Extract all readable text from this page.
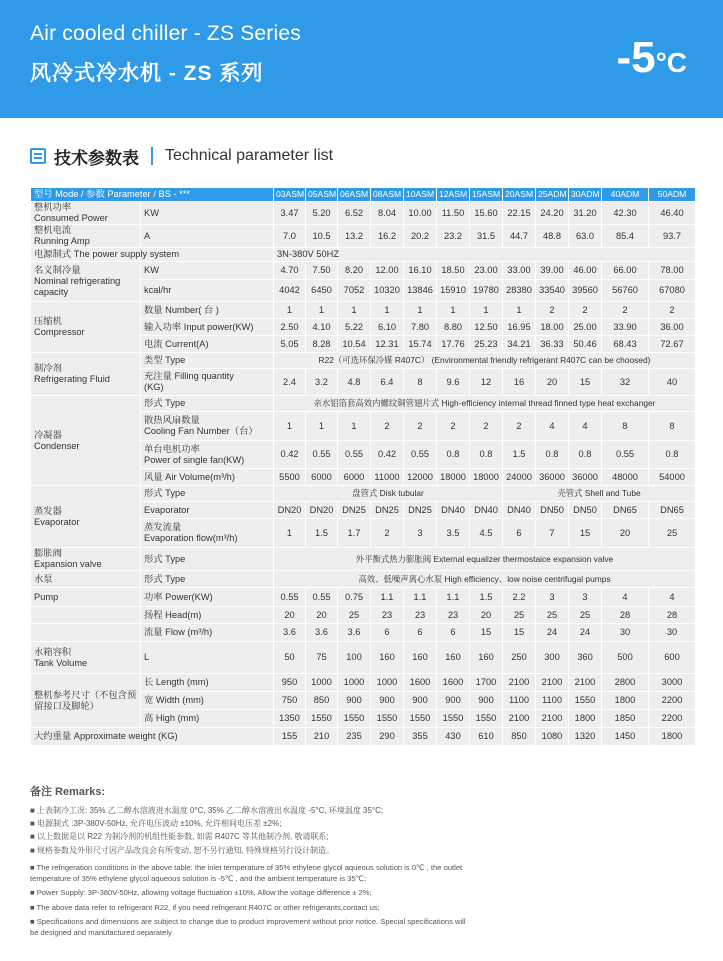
Air cooled chiller - ZS Series
风冷式冷水机 - ZS 系列	-5°C
技术参数表 Technical parameter list
型号 Mode / 参数 Parameter / BS - ***		03ASM	05ASM	06ASM	08ASM	10ASM	12ASM	15ASM	20ASM	25ADM	30ADM	40ADM	50ADM
整机功率
Consumed Power	KW	3.47	5.20	6.52	8.04	10.00	11.50	15.60	22.15	24.20	31.20	42.30	46.40
整机电流
Running Amp	A	7.0	10.5	13.2	16.2	20.2	23.2	31.5	44.7	48.8	63.0	85.4	93.7
电源制式 The power supply system		3N-380V 50HZ											
名义制冷量
Nominal refrigerating
capacity	KW	4.70	7.50	8.20	12.00	16.10	18.50	23.00	33.00	39.00	46.00	66.00	78.00
	kcal/hr	4042	6450	7052	10320	13846	15910	19780	28380	33540	39560	56760	67080
压缩机
Compressor	数量 Number( 台 )	1	1	1	1	1	1	1	1	2	2	2	2
	输入功率 Input power(KW)	2.50	4.10	5.22	6.10	7.80	8.80	12.50	16.95	18.00	25.00	33.90	36.00
	电流 Current(A)	5.05	8.28	10.54	12.31	15.74	17.76	25.23	34.21	36.33	50.46	68.43	72.67
制冷剂
Refrigerating Fluid	类型 Type	R22（可选环保冷媒 R407C） (Environmental friendly refrigerant R407C can be choosed)											
	充注量 Filling quantity
(KG)	2.4	3.2	4.8	6.4	8	9.6	12	16	20	15	32	40
冷凝器
Condenser	形式 Type	亲水铝箔套高效内螺纹铜管翅片式 High-efficiency internal thread finned type heat exchanger											
	散热风扇数量
Cooling Fan Number（台）	1	1	1	2	2	2	2	2	4	4	8	8
	单台电机功率
Power of single fan(KW)	0.42	0.55	0.55	0.42	0.55	0.8	0.8	1.5	0.8	0.8	0.55	0.8
	风量 Air Volume(m³/h)	5500	6000	6000	11000	12000	18000	18000	24000	36000	36000	48000	54000
蒸发器
Evaporator	形式 Type	盘管式 Disk tubular							壳管式 Shell and Tube				
	Evaporator	DN20	DN20	DN25	DN25	DN25	DN40	DN40	DN40	DN50	DN50	DN65	DN65
	蒸发流量
Evaporation flow(m³/h)	1	1.5	1.7	2	3	3.5	4.5	6	7	15	20	25
膨胀阀
Expansion valve	形式 Type	外平衡式热力膨胀阀 External equalizer thermostaice expansion valve											
水泵	形式 Type	高效、低噪声离心水泵 High efficiency、low noise centrifugal pumps											
Pump	功率 Power(KW)	0.55	0.55	0.75	1.1	1.1	1.1	1.5	2.2	3	3	4	4
	扬程 Head(m)	20	20	25	23	23	23	20	25	25	25	28	28
	流量 Flow (m³/h)	3.6	3.6	3.6	6	6	6	15	15	24	24	30	30
水箱容积
Tank Volume	L	50	75	100	160	160	160	160	250	300	360	500	600
整机参考尺寸（不包含预留接口及脚轮）	长 Length (mm)	950	1000	1000	1000	1600	1600	1700	2100	2100	2100	2800	3000
	宽 Width (mm)	750	850	900	900	900	900	900	1100	1100	1550	1800	2200
	高 High (mm)	1350	1550	1550	1550	1550	1550	1550	2100	2100	1800	1850	2200
大约重量 Approximate weight (KG)		155	210	235	290	355	430	610	850	1080	1320	1450	1800
备注 Remarks:
■ 上表制冷工况: 35% 乙二醇水溶液进水温度 0°C, 35% 乙二醇水溶液出水温度 -5°C, 环境温度 35°C;
■ 电源制式 :3P-380V-50Hz, 允许电压波动 ±10%, 允许相间电压差 ±2%;
■ 以上数据是以 R22 为制冷剂的机组性能参数, 如需 R407C 等其他制冷剂, 敬请联系;
■ 规格参数及外形尺寸因产品改良会有所变动, 恕不另行通知, 特殊规格另行设计制造。
■ The refrigeration conditions in the above table: the inlet temperature of 35% ethylene glycol aqueous solution is 0℃ , the outlet temperature of 35% ethylene glycol aqueous solution is -5℃ , and the ambient temperature is 35℃;
■ Power Supply: 3P-380V-50Hz, allowing voltage fluctuation ±10%, Allow the voltage difference ± 2%;
■ The above data refer to refrigerant R22, if you need refrigerant R407C or other refrigerants,contact us;
■ Specifications and dimensions are subject to change due to product improvement without prior notice. Special specifications will be designed and manufactured separately
